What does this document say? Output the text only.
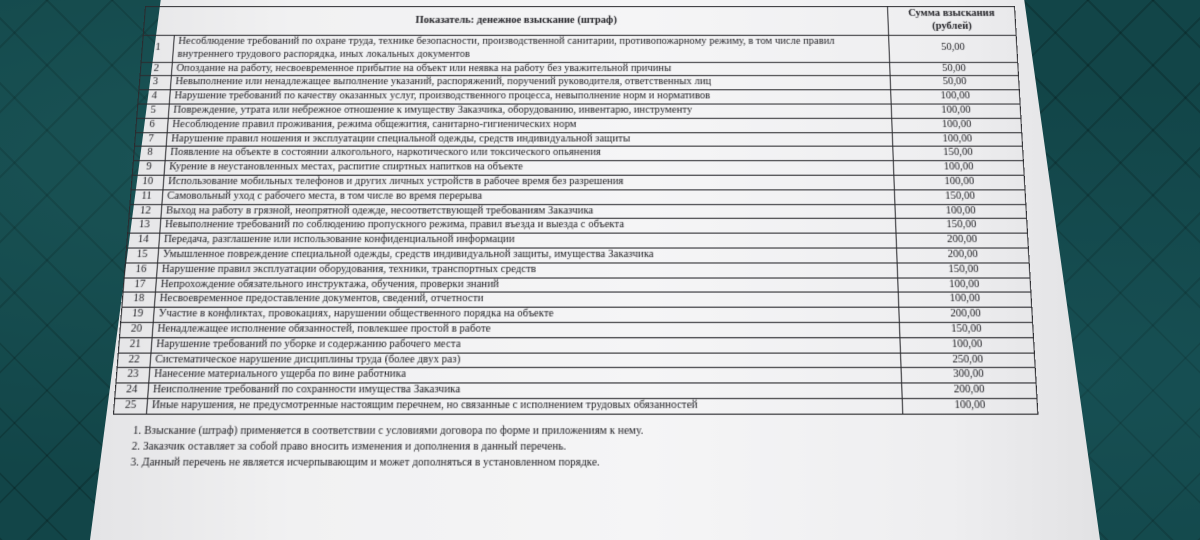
Показатель: денежное взыскание (штраф)		Сумма взыскания (рублей)
1	Несоблюдение требований по охране труда, технике безопасности, производственной санитарии, противопожарному режиму, в том числе правил внутреннего трудового распорядка, иных локальных документов	50,00
2	Опоздание на работу, несвоевременное прибытие на объект или неявка на работу без уважительной причины	50,00
3	Невыполнение или ненадлежащее выполнение указаний, распоряжений, поручений руководителя, ответственных лиц	50,00
4	Нарушение требований по качеству оказанных услуг, производственного процесса, невыполнение норм и нормативов	100,00
5	Повреждение, утрата или небрежное отношение к имуществу Заказчика, оборудованию, инвентарю, инструменту	100,00
6	Несоблюдение правил проживания, режима общежития, санитарно-гигиенических норм	100,00
7	Нарушение правил ношения и эксплуатации специальной одежды, средств индивидуальной защиты	100,00
8	Появление на объекте в состоянии алкогольного, наркотического или токсического опьянения	150,00
9	Курение в неустановленных местах, распитие спиртных напитков на объекте	100,00
10	Использование мобильных телефонов и других личных устройств в рабочее время без разрешения	100,00
11	Самовольный уход с рабочего места, в том числе во время перерыва	150,00
12	Выход на работу в грязной, неопрятной одежде, несоответствующей требованиям Заказчика	100,00
13	Невыполнение требований по соблюдению пропускного режима, правил въезда и выезда с объекта	150,00
14	Передача, разглашение или использование конфиденциальной информации	200,00
15	Умышленное повреждение специальной одежды, средств индивидуальной защиты, имущества Заказчика	200,00
16	Нарушение правил эксплуатации оборудования, техники, транспортных средств	150,00
17	Непрохождение обязательного инструктажа, обучения, проверки знаний	100,00
18	Несвоевременное предоставление документов, сведений, отчетности	100,00
19	Участие в конфликтах, провокациях, нарушении общественного порядка на объекте	200,00
20	Ненадлежащее исполнение обязанностей, повлекшее простой в работе	150,00
21	Нарушение требований по уборке и содержанию рабочего места	100,00
22	Систематическое нарушение дисциплины труда (более двух раз)	250,00
23	Нанесение материального ущерба по вине работника	300,00
24	Неисполнение требований по сохранности имущества Заказчика	200,00
25	Иные нарушения, не предусмотренные настоящим перечнем, но связанные с исполнением трудовых обязанностей	100,00
1. Взыскание (штраф) применяется в соответствии с условиями договора по форме и приложениям к нему.
2. Заказчик оставляет за собой право вносить изменения и дополнения в данный перечень.
3. Данный перечень не является исчерпывающим и может дополняться в установленном порядке.
